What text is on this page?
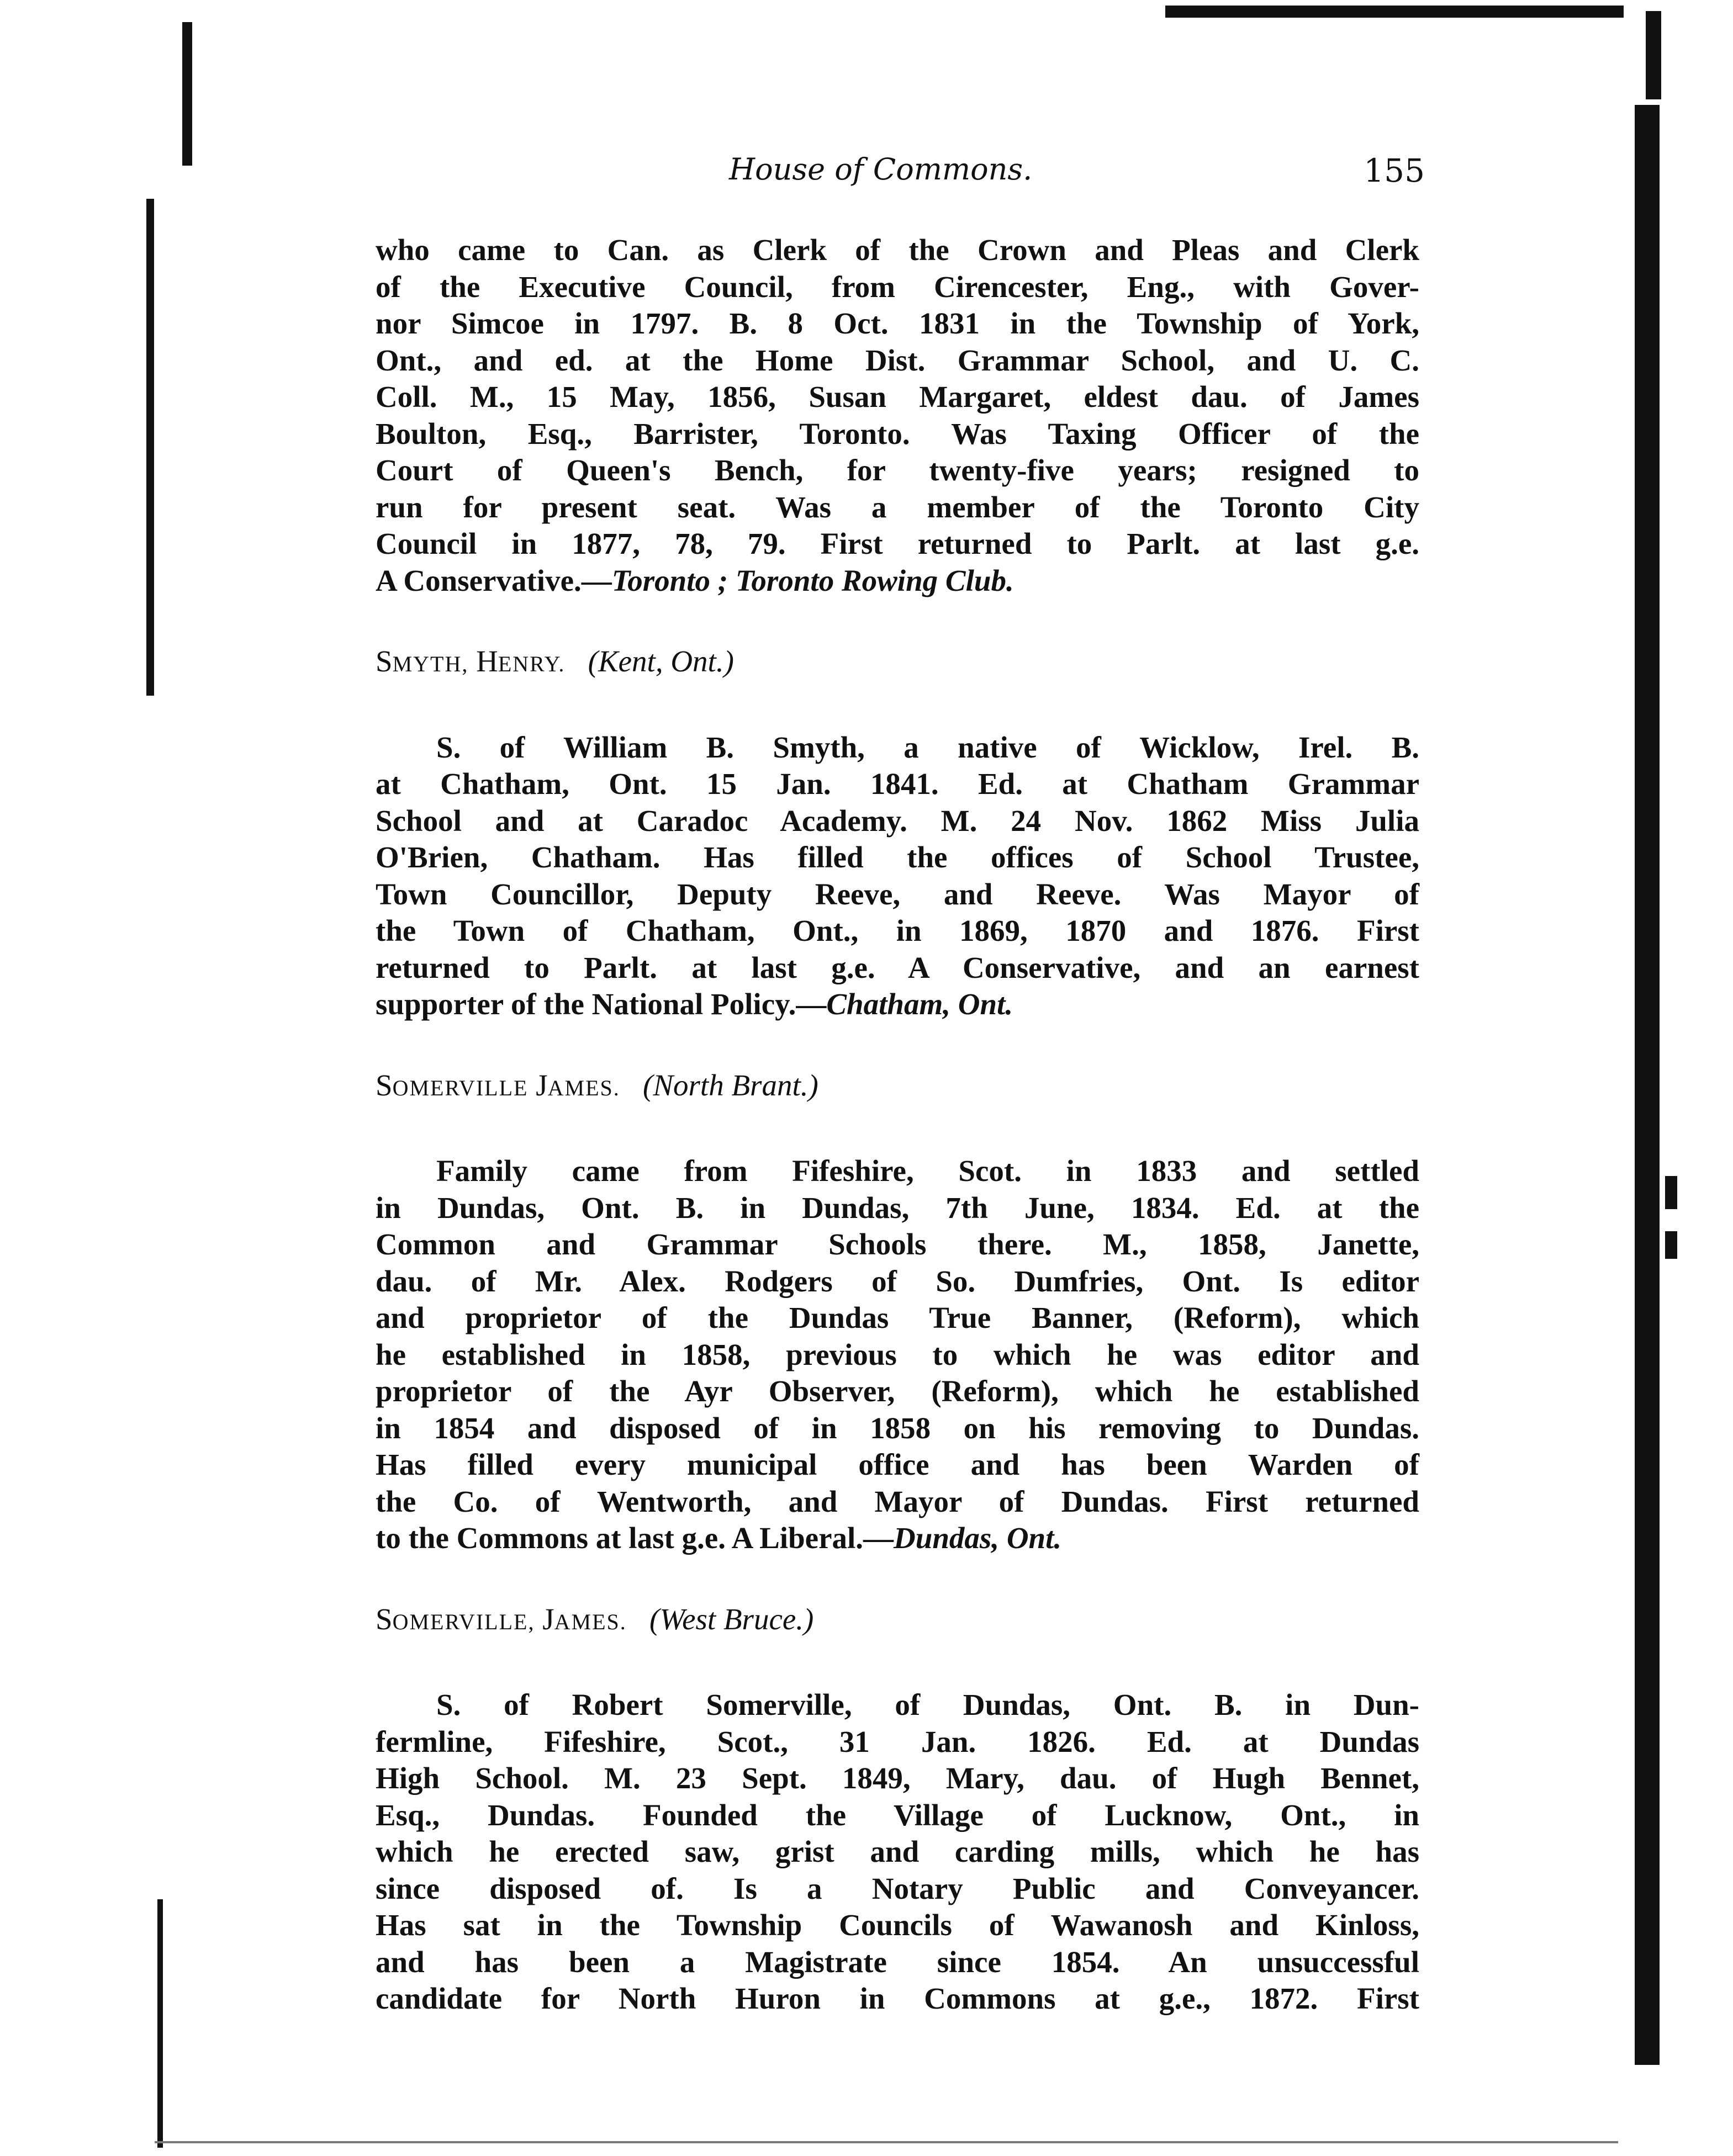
House of Commons.	155
who came to Can. as Clerk of the Crown and Pleas and Clerk
of the Executive Council, from Cirencester, Eng., with Gover-
nor Simcoe in 1797. B. 8 Oct. 1831 in the Township of York,
Ont., and ed. at the Home Dist. Grammar School, and U. C.
Coll. M., 15 May, 1856, Susan Margaret, eldest dau. of James
Boulton, Esq., Barrister, Toronto. Was Taxing Officer of the
Court of Queen's Bench, for twenty-five years; resigned to
run for present seat. Was a member of the Toronto City
Council in 1877, 78, 79. First returned to Parlt. at last g.e.
A Conservative.—Toronto ; Toronto Rowing Club.
SMYTH, HENRY. (Kent, Ont.)
S. of William B. Smyth, a native of Wicklow, Irel. B.
at Chatham, Ont. 15 Jan. 1841. Ed. at Chatham Grammar
School and at Caradoc Academy. M. 24 Nov. 1862 Miss Julia
O'Brien, Chatham. Has filled the offices of School Trustee,
Town Councillor, Deputy Reeve, and Reeve. Was Mayor of
the Town of Chatham, Ont., in 1869, 1870 and 1876. First
returned to Parlt. at last g.e. A Conservative, and an earnest
supporter of the National Policy.—Chatham, Ont.
SOMERVILLE JAMES. (North Brant.)
Family came from Fifeshire, Scot. in 1833 and settled
in Dundas, Ont. B. in Dundas, 7th June, 1834. Ed. at the
Common and Grammar Schools there. M., 1858, Janette,
dau. of Mr. Alex. Rodgers of So. Dumfries, Ont. Is editor
and proprietor of the Dundas True Banner, (Reform), which
he established in 1858, previous to which he was editor and
proprietor of the Ayr Observer, (Reform), which he established
in 1854 and disposed of in 1858 on his removing to Dundas.
Has filled every municipal office and has been Warden of
the Co. of Wentworth, and Mayor of Dundas. First returned
to the Commons at last g.e. A Liberal.—Dundas, Ont.
SOMERVILLE, JAMES. (West Bruce.)
S. of Robert Somerville, of Dundas, Ont. B. in Dun-
fermline, Fifeshire, Scot., 31 Jan. 1826. Ed. at Dundas
High School. M. 23 Sept. 1849, Mary, dau. of Hugh Bennet,
Esq., Dundas. Founded the Village of Lucknow, Ont., in
which he erected saw, grist and carding mills, which he has
since disposed of. Is a Notary Public and Conveyancer.
Has sat in the Township Councils of Wawanosh and Kinloss,
and has been a Magistrate since 1854. An unsuccessful
candidate for North Huron in Commons at g.e., 1872. First
